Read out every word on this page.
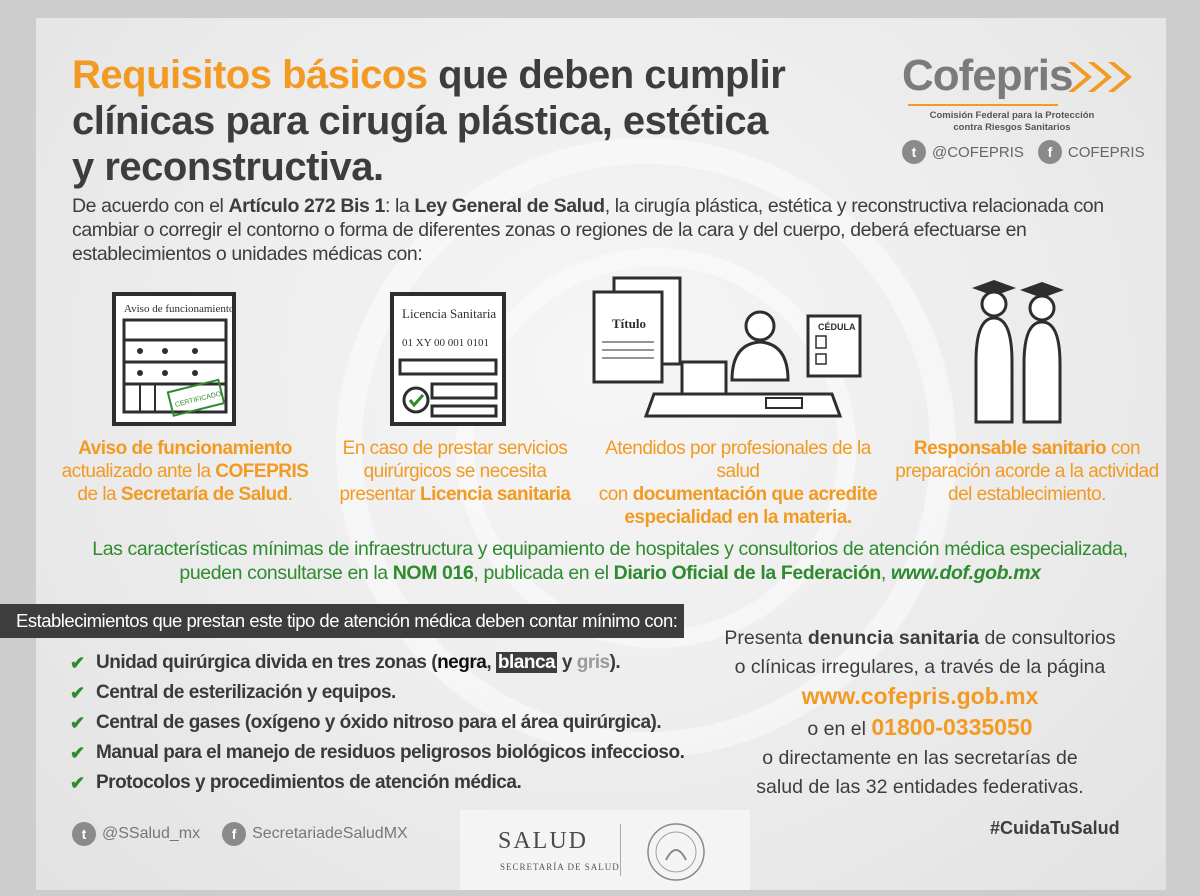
Requisitos básicos que deben cumplir
clínicas para cirugía plástica, estética
y reconstructiva.
Cofepris
Comisión Federal para la Protección
contra Riesgos Sanitarios
t	@COFEPRIS	f	COFEPRIS
De acuerdo con el Artículo 272 Bis 1: la Ley General de Salud, la cirugía plástica, estética y reconstructiva relacionada con cambiar o corregir el contorno o forma de diferentes zonas o regiones de la cara y del cuerpo, deberá efectuarse en establecimientos o unidades médicas con:
Aviso de funcionamiento
CERTIFICADO
Licencia Sanitaria
01 XY 00 001 0101
Título	CÉDULA
Aviso de funcionamiento
actualizado ante la COFEPRIS
de la Secretaría de Salud.
En caso de prestar servicios
quirúrgicos se necesita
presentar Licencia sanitaria
Atendidos por profesionales de la salud
con documentación que acredite
especialidad en la materia.
Responsable sanitario con
preparación acorde a la actividad
del establecimiento.
Las características mínimas de infraestructura y equipamiento de hospitales y consultorios de atención médica especializada,
pueden consultarse en la NOM 016, publicada en el Diario Oficial de la Federación, www.dof.gob.mx
Establecimientos que prestan este tipo de atención médica deben contar mínimo con:
✔ Unidad quirúrgica divida en tres zonas (negra, blanca y gris).
✔ Central de esterilización y equipos.
✔ Central de gases (oxígeno y óxido nitroso para el área quirúrgica).
✔ Manual para el manejo de residuos peligrosos biológicos infeccioso.
✔ Protocolos y procedimientos de atención médica.
Presenta denuncia sanitaria de consultorios
o clínicas irregulares, a través de la página
www.cofepris.gob.mx
o en el 01800-0335050
o directamente en las secretarías de
salud de las 32 entidades federativas.
t @SSalud_mx	f SecretariadeSaludMX	SALUD
SECRETARÍA DE SALUD
#CuidaTuSalud
